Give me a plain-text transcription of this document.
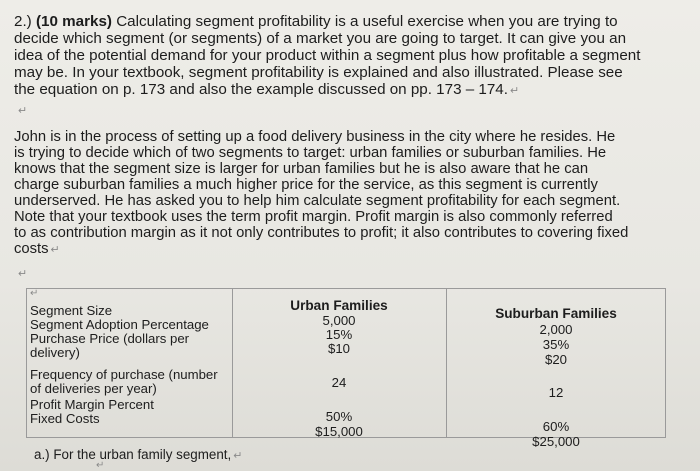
2.) (10 marks) Calculating segment profitability is a useful exercise when you are trying to
decide which segment (or segments) of a market you are going to target. It can give you an
idea of the potential demand for your product within a segment plus how profitable a segment
may be. In your textbook, segment profitability is explained and also illustrated. Please see
the equation on p. 173 and also the example discussed on pp. 173 – 174. ↵
↵
John is in the process of setting up a food delivery business in the city where he resides. He
is trying to decide which of two segments to target: urban families or suburban families. He
knows that the segment size is larger for urban families but he is also aware that he can
charge suburban families a much higher price for the service, as this segment is currently
underserved. He has asked you to help him calculate segment profitability for each segment.
Note that your textbook uses the term profit margin. Profit margin is also commonly referred
to as contribution margin as it not only contributes to profit; it also contributes to covering fixed
costs ↵
↵
↵
Segment Size
Segment Adoption Percentage
Purchase Price (dollars per
delivery)
Frequency of purchase (number
of deliveries per year)
Profit Margin Percent
Fixed Costs
Urban Families
5,000
15%
$10
24
50%
$15,000
Suburban Families
2,000
35%
$20
12
60%
$25,000
a.) For the urban family segment, ↵
↵
